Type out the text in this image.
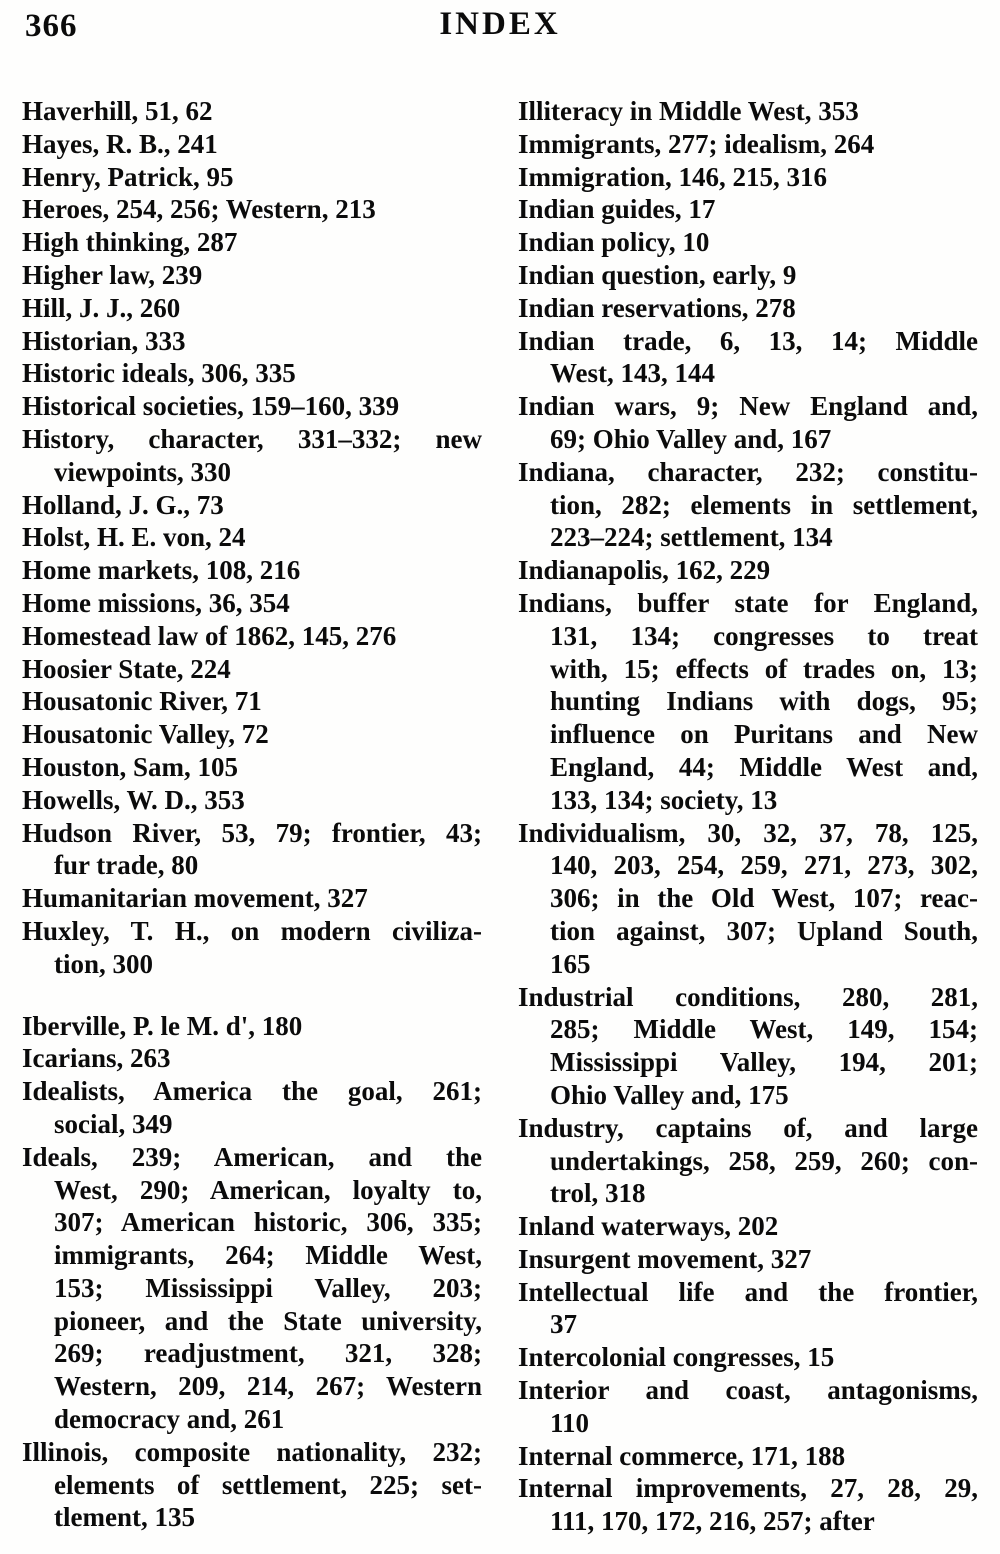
366	INDEX
Haverhill, 51, 62
Hayes, R. B., 241
Henry, Patrick, 95
Heroes, 254, 256; Western, 213
High thinking, 287
Higher law, 239
Hill, J. J., 260
Historian, 333
Historic ideals, 306, 335
Historical societies, 159–160, 339
History, character, 331–332; new
viewpoints, 330
Holland, J. G., 73
Holst, H. E. von, 24
Home markets, 108, 216
Home missions, 36, 354
Homestead law of 1862, 145, 276
Hoosier State, 224
Housatonic River, 71
Housatonic Valley, 72
Houston, Sam, 105
Howells, W. D., 353
Hudson River, 53, 79; frontier, 43;
fur trade, 80
Humanitarian movement, 327
Huxley, T. H., on modern civiliza-
tion, 300
Iberville, P. le M. d', 180
Icarians, 263
Idealists, America the goal, 261;
social, 349
Ideals, 239; American, and the
West, 290; American, loyalty to,
307; American historic, 306, 335;
immigrants, 264; Middle West,
153; Mississippi Valley, 203;
pioneer, and the State university,
269; readjustment, 321, 328;
Western, 209, 214, 267; Western
democracy and, 261
Illinois, composite nationality, 232;
elements of settlement, 225; set-
tlement, 135
Illiteracy in Middle West, 353
Immigrants, 277; idealism, 264
Immigration, 146, 215, 316
Indian guides, 17
Indian policy, 10
Indian question, early, 9
Indian reservations, 278
Indian trade, 6, 13, 14; Middle
West, 143, 144
Indian wars, 9; New England and,
69; Ohio Valley and, 167
Indiana, character, 232; constitu-
tion, 282; elements in settlement,
223–224; settlement, 134
Indianapolis, 162, 229
Indians, buffer state for England,
131, 134; congresses to treat
with, 15; effects of trades on, 13;
hunting Indians with dogs, 95;
influence on Puritans and New
England, 44; Middle West and,
133, 134; society, 13
Individualism, 30, 32, 37, 78, 125,
140, 203, 254, 259, 271, 273, 302,
306; in the Old West, 107; reac-
tion against, 307; Upland South,
165
Industrial conditions, 280, 281,
285; Middle West, 149, 154;
Mississippi Valley, 194, 201;
Ohio Valley and, 175
Industry, captains of, and large
undertakings, 258, 259, 260; con-
trol, 318
Inland waterways, 202
Insurgent movement, 327
Intellectual life and the frontier,
37
Intercolonial congresses, 15
Interior and coast, antagonisms,
110
Internal commerce, 171, 188
Internal improvements, 27, 28, 29,
111, 170, 172, 216, 257; after
